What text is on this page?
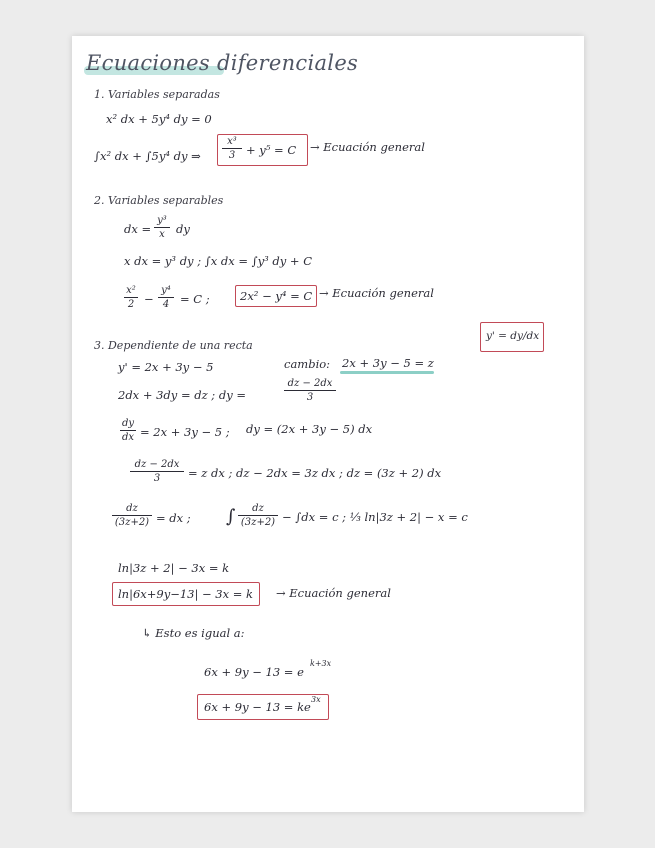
Ecuaciones diferenciales
1. Variables separadas
x² dx + 5y⁴ dy = 0
∫x² dx + ∫5y⁴ dy ⇒
x³
3 + y⁵ = C → Ecuación general
2. Variables separables
dx =
y³
x dy
x dx = y³ dy ; ∫x dx = ∫y³ dy + C
x²
2 −
y⁴
4 = C ;	2x² − y⁴ = C → Ecuación general
3. Dependiente de una recta
y' = dy/dx
y' = 2x + 3y − 5	cambio: 2x + 3y − 5 = z
2dx + 3dy = dz ; dy =
dz − 2dx
3
dy
dx = 2x + 3y − 5 ; dy = (2x + 3y − 5) dx
dz − 2dx
3	= z dx ; dz − 2dx = 3z dx ; dz = (3z + 2) dx
dz
(3z+2) = dx ; ∫	dz
(3z+2) − ∫dx = c ; ⅓ ln|3z + 2| − x = c
ln|3z + 2| − 3x = k
ln|6x+9y−13| − 3x = k → Ecuación general
↳ Esto es igual a:
6x + 9y − 13 = e
k+3x
6x + 9y − 13 = ke
3x
